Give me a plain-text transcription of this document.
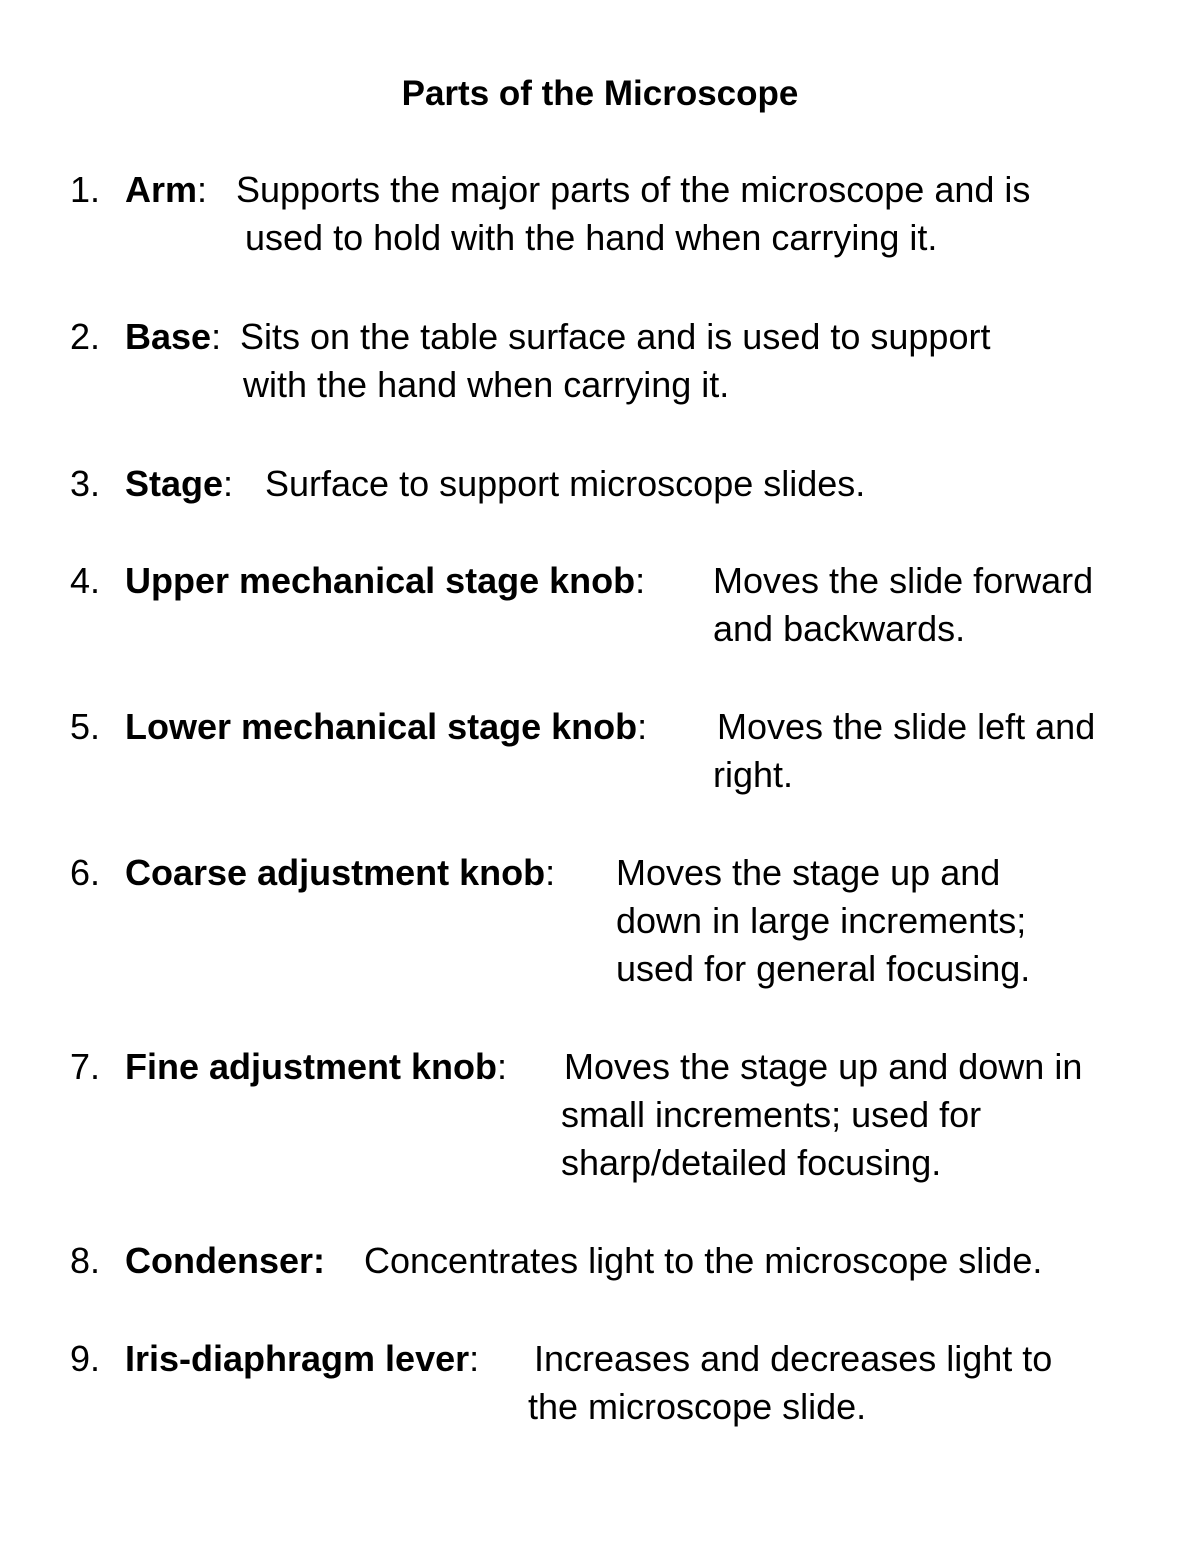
Parts of the Microscope
1. Arm: Supports the major parts of the microscope and is
used to hold with the hand when carrying it.
2. Base: Sits on the table surface and is used to support
with the hand when carrying it.
3. Stage: Surface to support microscope slides.
4. Upper mechanical stage knob: Moves the slide forward
and backwards.
5. Lower mechanical stage knob: Moves the slide left and
right.
6. Coarse adjustment knob: Moves the stage up and
down in large increments;
used for general focusing.
7. Fine adjustment knob: Moves the stage up and down in
small increments; used for
sharp/detailed focusing.
8. Condenser: Concentrates light to the microscope slide.
9. Iris-diaphragm lever: Increases and decreases light to
the microscope slide.
